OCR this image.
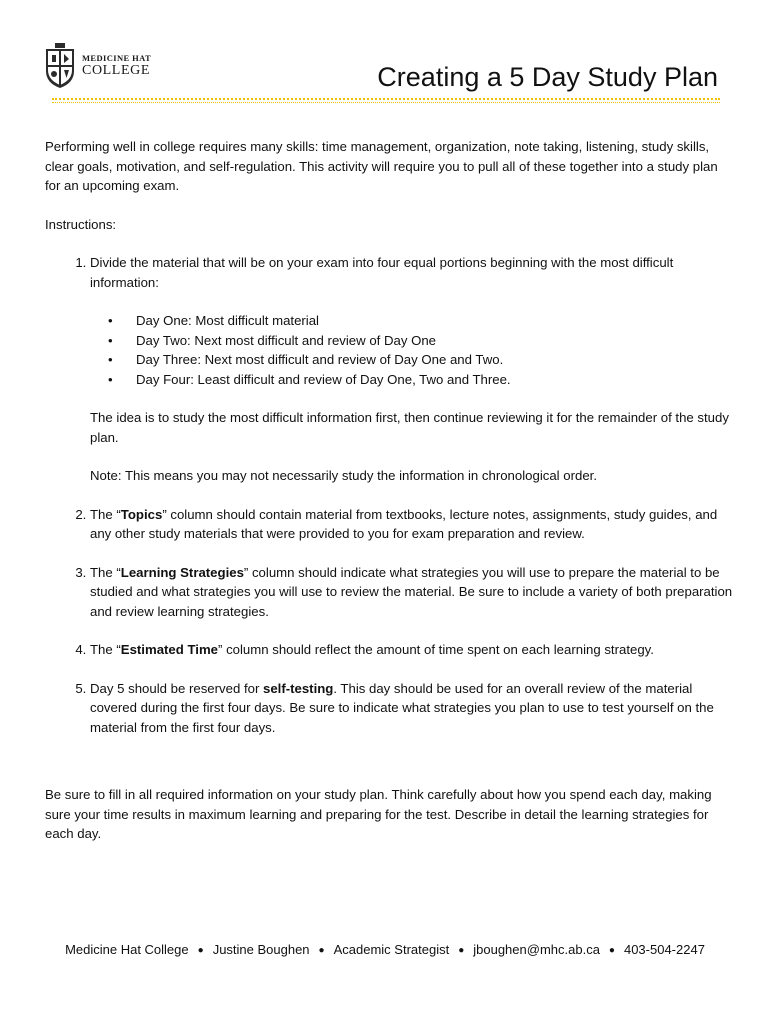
MEDICINE HAT
COLLEGE	Creating a 5 Day Study Plan

Performing well in college requires many skills: time management, organization, note taking, listening, study skills, clear goals, motivation, and self-regulation. This activity will require you to pull all of these together into a study plan for an upcoming exam.

Instructions:

1. Divide the material that will be on your exam into four equal portions beginning with the most difficult information:
• Day One: Most difficult material
• Day Two: Next most difficult and review of Day One
• Day Three: Next most difficult and review of Day One and Two.
• Day Four: Least difficult and review of Day One, Two and Three.

The idea is to study the most difficult information first, then continue reviewing it for the remainder of the study plan.

Note: This means you may not necessarily study the information in chronological order.

2. The “Topics” column should contain material from textbooks, lecture notes, assignments, study guides, and any other study materials that were provided to you for exam preparation and review.
3. The “Learning Strategies” column should indicate what strategies you will use to prepare the material to be studied and what strategies you will use to review the material. Be sure to include a variety of both preparation and review learning strategies.
4. The “Estimated Time” column should reflect the amount of time spent on each learning strategy.
5. Day 5 should be reserved for self-testing. This day should be used for an overall review of the material covered during the first four days. Be sure to indicate what strategies you plan to use to test yourself on the material from the first four days.

Be sure to fill in all required information on your study plan. Think carefully about how you spend each day, making sure your time results in maximum learning and preparing for the test. Describe in detail the learning strategies for each day.

Medicine Hat College ● Justine Boughen ● Academic Strategist ● jboughen@mhc.ab.ca ● 403-504-2247
